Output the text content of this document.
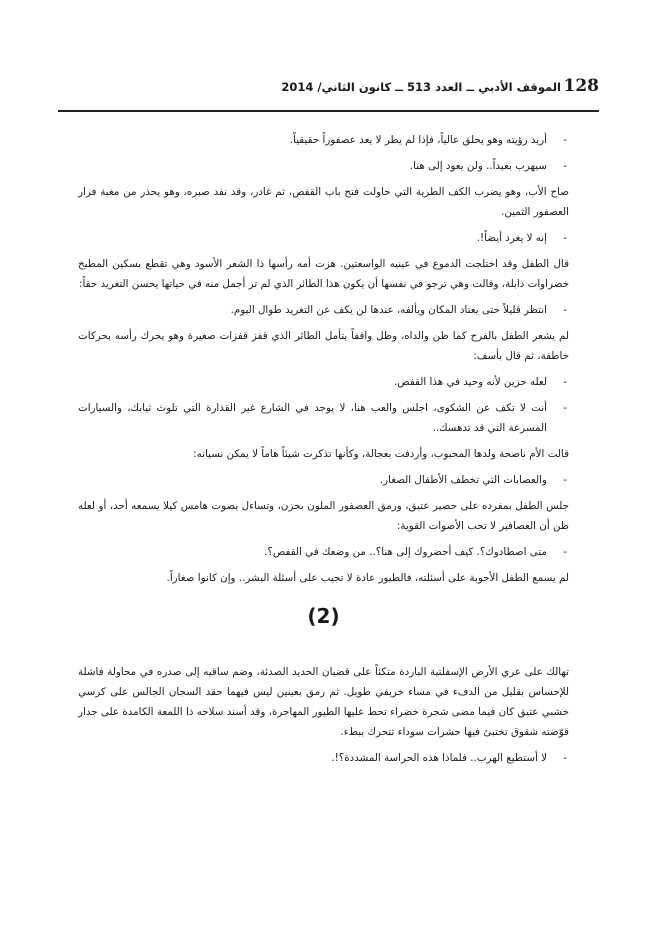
128
الموقف الأدبي ــ العدد 513 ــ كانون الثاني/ 2014

- أريد رؤيته وهو يحلق عالياً، فإذا لم يطر لا يعد عصفوراً حقيقياً.

- سيهرب بعيداً.. ولن يعود إلى هنا.

صاح الأب، وهو يضرب الكف الطرية التي حاولت فتح باب القفص، ثم غادر، وقد نفد صبره، وهو يحذر من مغبة فرار العصفور الثمين.

- إنه لا يغرد أيضاً!.

قال الطفل وقد اختلجت الدموع في عينيه الواسعتين. هزت أمه رأسها ذا الشعر الأسود وهي تقطع بسكين المطبخ خضراوات ذابلة، وقالت وهي ترجو في نفسها أن يكون هذا الطائر الذي لم تر أجمل منه في حياتها يحسن التغريد حقاً:

- انتظر قليلاً حتى يعتاد المكان ويألفه، عندها لن يكف عن التغريد طوال اليوم.

لم يشعر الطفل بالفرح كما ظن والداه، وظل واقفاً يتأمل الطائر الذي قفز قفزات صغيرة وهو يحرك رأسه بحركات خاطفة، ثم قال بأسف:

- لعله حزين لأنه وحيد في هذا القفص.

- أنت لا تكف عن الشكوى، اجلس والعب هنا، لا يوجد في الشارع غير القذارة التي تلوث ثيابك، والسيارات المسرعة التي قد تدهسك..

قالت الأم ناصحة ولدها المحبوب، وأردفت بعجالة، وكأنها تذكرت شيئاً هاماً لا يمكن نسيانه:

- والعصابات التي تخطف الأطفال الصغار.

جلس الطفل بمفرده على حصير عتيق، ورمق العصفور الملون بحزن، وتساءل بصوت هامس كيلا يسمعه أحد، أو لعله ظن أن العصافير لا تحب الأصوات القوية:

- متى اصطادوك؟. كيف أحضروك إلى هنا؟.. من وضعك في القفص؟.

لم يسمع الطفل الأجوبة على أسئلته، فالطيور عادة لا تجيب على أسئلة البشر.. وإن كانوا صغاراً.

(2)

تهالك على عري الأرض الإسفلتية الباردة متكئاً على قضبان الحديد الصدئة، وضم ساقيه إلى صدره في محاولة فاشلة للإحساس بقليل من الدفء في مساء خريفي طويل. ثم رمق بعينين ليس فيهما حقد السجان الجالس على كرسي خشبي عتيق كان فيما مضى شجرة خضراء تحط عليها الطيور المهاجرة، وقد أسند سلاحه ذا اللمعة الكامدة على جدار قوّضته شقوق تختبئ فيها حشرات سوداء تتحرك ببطء.

- لا أستطيع الهرب.. فلماذا هذه الحراسة المشددة؟!.
